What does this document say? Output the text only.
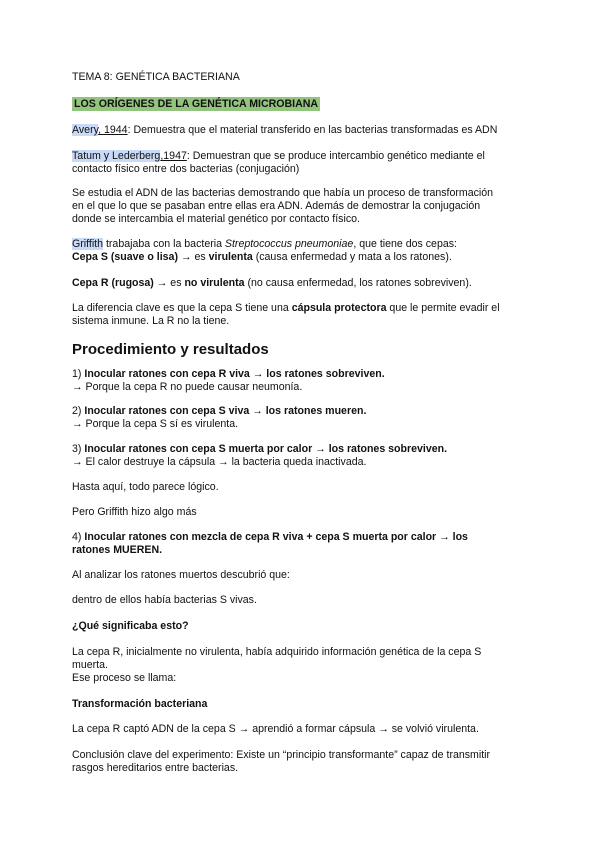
TEMA 8: GENÉTICA BACTERIANA
LOS ORÍGENES DE LA GENÉTICA MICROBIANA
Avery, 1944: Demuestra que el material transferido en las bacterias transformadas es ADN
Tatum y Lederberg,1947: Demuestran que se produce intercambio genético mediante el
contacto físico entre dos bacterias (conjugación)
Se estudia el ADN de las bacterias demostrando que había un proceso de transformación
en el que lo que se pasaban entre ellas era ADN. Además de demostrar la conjugación
donde se intercambia el material genético por contacto físico.
Griffith trabajaba con la bacteria Streptococcus pneumoniae, que tiene dos cepas:
Cepa S (suave o lisa) → es virulenta (causa enfermedad y mata a los ratones).
Cepa R (rugosa) → es no virulenta (no causa enfermedad, los ratones sobreviven).
La diferencia clave es que la cepa S tiene una cápsula protectora que le permite evadir el
sistema inmune. La R no la tiene.
Procedimiento y resultados
1) Inocular ratones con cepa R viva → los ratones sobreviven.
→ Porque la cepa R no puede causar neumonía.
2) Inocular ratones con cepa S viva → los ratones mueren.
→ Porque la cepa S sí es virulenta.
3) Inocular ratones con cepa S muerta por calor → los ratones sobreviven.
→ El calor destruye la cápsula → la bacteria queda inactivada.
Hasta aquí, todo parece lógico.
Pero Griffith hizo algo más
4) Inocular ratones con mezcla de cepa R viva + cepa S muerta por calor → los
ratones MUEREN.
Al analizar los ratones muertos descubrió que:
dentro de ellos había bacterias S vivas.
¿Qué significaba esto?
La cepa R, inicialmente no virulenta, había adquirido información genética de la cepa S
muerta.
Ese proceso se llama:
Transformación bacteriana
La cepa R captó ADN de la cepa S → aprendió a formar cápsula → se volvió virulenta.
Conclusión clave del experimento: Existe un “principio transformante” capaz de transmitir
rasgos hereditarios entre bacterias.
